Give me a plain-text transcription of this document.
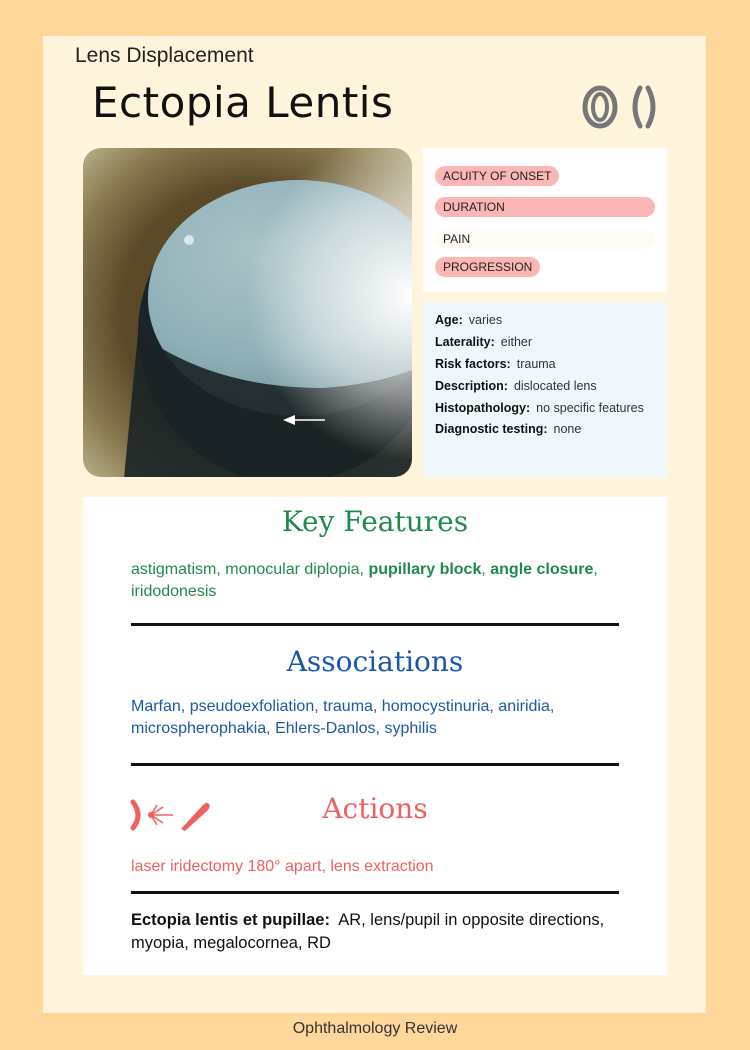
Lens Displacement
Ectopia Lentis
ACUITY OF ONSET
DURATION
PAIN
PROGRESSION
Age: varies
Laterality: either
Risk factors: trauma
Description: dislocated lens
Histopathology: no specific features
Diagnostic testing: none
Key Features
astigmatism, monocular diplopia, pupillary block, angle closure, iridodonesis
Associations
Marfan, pseudoexfoliation, trauma, homocystinuria, aniridia, microspherophakia, Ehlers-Danlos, syphilis
Actions
laser iridectomy 180° apart, lens extraction
Ectopia lentis et pupillae: AR, lens/pupil in opposite directions, myopia, megalocornea, RD
Ophthalmology Review
